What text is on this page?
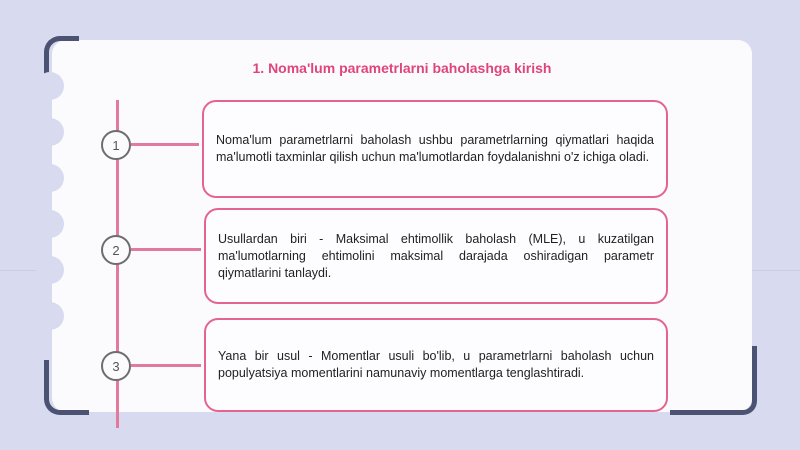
1. Noma'lum parametrlarni baholashga kirish
1	Noma'lum parametrlarni baholash ushbu parametrlarning qiymatlari haqida ma'lumotli taxminlar qilish uchun ma'lumotlardan foydalanishni o'z ichiga oladi.
2
Usullardan biri - Maksimal ehtimollik baholash (MLE), u kuzatilgan ma'lumotlarning ehtimolini maksimal darajada oshiradigan parametr qiymatlarini tanlaydi.
3
Yana bir usul - Momentlar usuli bo'lib, u parametrlarni baholash uchun populyatsiya momentlarini namunaviy momentlarga tenglashtiradi.
